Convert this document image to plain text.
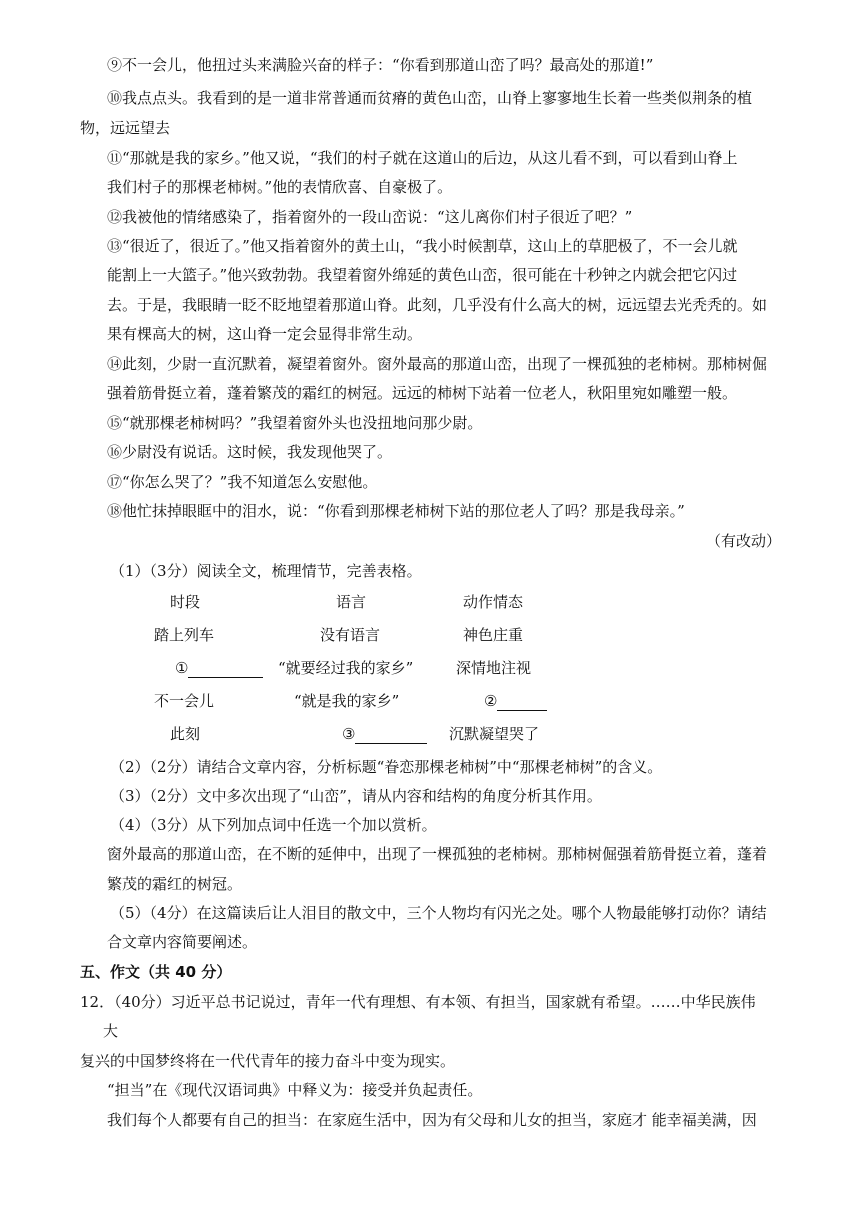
⑨不一会儿，他扭过头来满脸兴奋的样子：“你看到那道山峦了吗？最高处的那道!”
⑩我点点头。我看到的是一道非常普通而贫瘠的黄色山峦，山脊上寥寥地生长着一些类似荆条的植
物，远远望去
⑪“那就是我的家乡。”他又说，“我们的村子就在这道山的后边，从这儿看不到，可以看到山脊上
我们村子的那棵老柿树。”他的表情欣喜、自豪极了。
⑫我被他的情绪感染了，指着窗外的一段山峦说：“这儿离你们村子很近了吧？”
⑬“很近了，很近了。”他又指着窗外的黄土山，“我小时候割草，这山上的草肥极了，不一会儿就
能割上一大篮子。”他兴致勃勃。我望着窗外绵延的黄色山峦，很可能在十秒钟之内就会把它闪过
去。于是，我眼睛一眨不眨地望着那道山脊。此刻，几乎没有什么高大的树，远远望去光秃秃的。如
果有棵高大的树，这山脊一定会显得非常生动。
⑭此刻，少尉一直沉默着，凝望着窗外。窗外最高的那道山峦，出现了一棵孤独的老柿树。那柿树倔
强着筋骨挺立着，蓬着繁茂的霜红的树冠。远远的柿树下站着一位老人，秋阳里宛如雕塑一般。
⑮“就那棵老柿树吗？”我望着窗外头也没扭地问那少尉。
⑯少尉没有说话。这时候，我发现他哭了。
⑰“你怎么哭了？”我不知道怎么安慰他。
⑱他忙抹掉眼眶中的泪水，说：“你看到那棵老柿树下站的那位老人了吗？那是我母亲。”
（有改动）
（1）（3分）阅读全文，梳理情节，完善表格。
时段	语言	动作情态
踏上列车	没有语言	神色庄重
①	“就要经过我的家乡”	深情地注视
不一会儿	“就是我的家乡”	②
此刻	③	沉默凝望哭了
（2）（2分）请结合文章内容，分析标题“眷恋那棵老柿树”中“那棵老柿树”的含义。
（3）（2分）文中多次出现了“山峦”，请从内容和结构的角度分析其作用。
（4）（3分）从下列加点词中任选一个加以赏析。
窗外最高的那道山峦，在不断的延伸中，出现了一棵孤独的老柿树。那柿树倔强着筋骨挺立着，蓬着
繁茂的霜红的树冠。
（5）（4分）在这篇读后让人泪目的散文中，三个人物均有闪光之处。哪个人物最能够打动你？请结
合文章内容简要阐述。
五、作文（共 40 分）
12．（40分）习近平总书记说过，青年一代有理想、有本领、有担当，国家就有希望。……中华民族伟
大
复兴的中国梦终将在一代代青年的接力奋斗中变为现实。
“担当”在《现代汉语词典》中释义为：接受并负起责任。
我们每个人都要有自己的担当：在家庭生活中，因为有父母和儿女的担当，家庭才 能幸福美满，因
